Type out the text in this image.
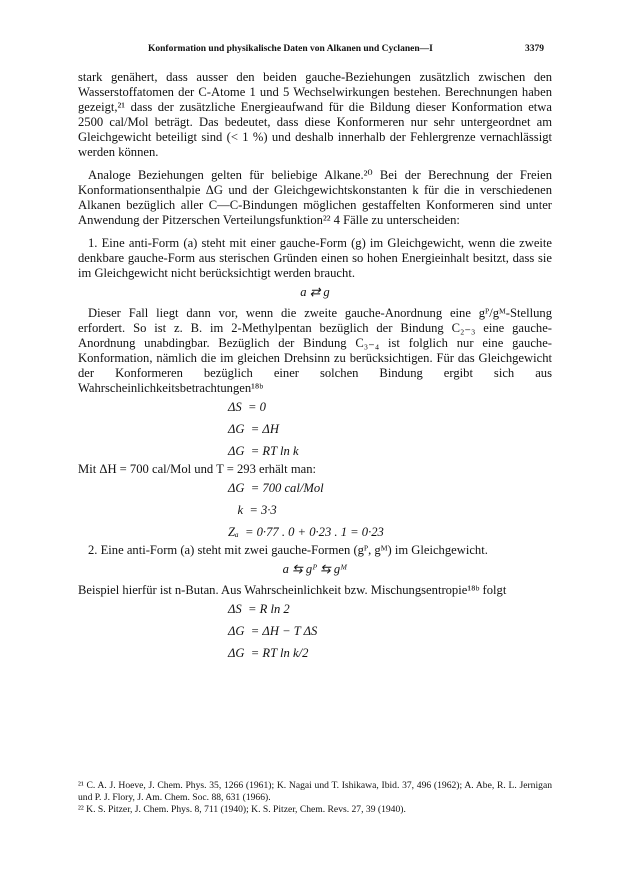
Konformation und physikalische Daten von Alkanen und Cyclanen—I	3379

stark genähert, dass ausser den beiden gauche-Beziehungen zusätzlich zwischen den Wasserstoffatomen der C-Atome 1 und 5 Wechselwirkungen bestehen. Berechnungen haben gezeigt,²¹ dass der zusätzliche Energieaufwand für die Bildung dieser Konformation etwa 2500 cal/Mol beträgt. Das bedeutet, dass diese Konformeren nur sehr untergeordnet am Gleichgewicht beteiligt sind (< 1 %) und deshalb innerhalb der Fehlergrenze vernachlässigt werden können.

Analoge Beziehungen gelten für beliebige Alkane.²⁰ Bei der Berechnung der Freien Konformationsenthalpie ΔG und der Gleichgewichtskonstanten k für die in verschiedenen Alkanen bezüglich aller C—C-Bindungen möglichen gestaffelten Konformeren sind unter Anwendung der Pitzerschen Verteilungsfunktion²² 4 Fälle zu unterscheiden:

1. Eine anti-Form (a) steht mit einer gauche-Form (g) im Gleichgewicht, wenn die zweite denkbare gauche-Form aus sterischen Gründen einen so hohen Energieinhalt besitzt, dass sie im Gleichgewicht nicht berücksichtigt werden braucht.

a ⇄ g

Dieser Fall liegt dann vor, wenn die zweite gauche-Anordnung eine gᴾ/gᴹ-Stellung erfordert. So ist z. B. im 2-Methylpentan bezüglich der Bindung C₂₋₃ eine gauche-Anordnung unabdingbar. Bezüglich der Bindung C₃₋₄ ist folglich nur eine gauche-Konformation, nämlich die im gleichen Drehsinn zu berücksichtigen. Für das Gleichgewicht der Konformeren bezüglich einer solchen Bindung ergibt sich aus Wahrscheinlichkeitsbetrachtungen¹⁸ᵇ

ΔS  = 0
ΔG  = ΔH
ΔG  = RT ln k

Mit ΔH = 700 cal/Mol und T = 293 erhält man:

ΔG  = 700 cal/Mol
k  = 3·3
Zₐ  = 0·77 . 0 + 0·23 . 1 = 0·23

2. Eine anti-Form (a) steht mit zwei gauche-Formen (gᴾ, gᴹ) im Gleichgewicht.

a ⇆ gᴾ ⇆ gᴹ

Beispiel hierfür ist n-Butan. Aus Wahrscheinlichkeit bzw. Mischungsentropie¹⁸ᵇ folgt

ΔS  = R ln 2
ΔG  = ΔH − T ΔS
ΔG  = RT ln k/2

²¹ C. A. J. Hoeve, J. Chem. Phys. 35, 1266 (1961); K. Nagai und T. Ishikawa, Ibid. 37, 496 (1962); A. Abe, R. L. Jernigan und P. J. Flory, J. Am. Chem. Soc. 88, 631 (1966).

²² K. S. Pitzer, J. Chem. Phys. 8, 711 (1940); K. S. Pitzer, Chem. Revs. 27, 39 (1940).
